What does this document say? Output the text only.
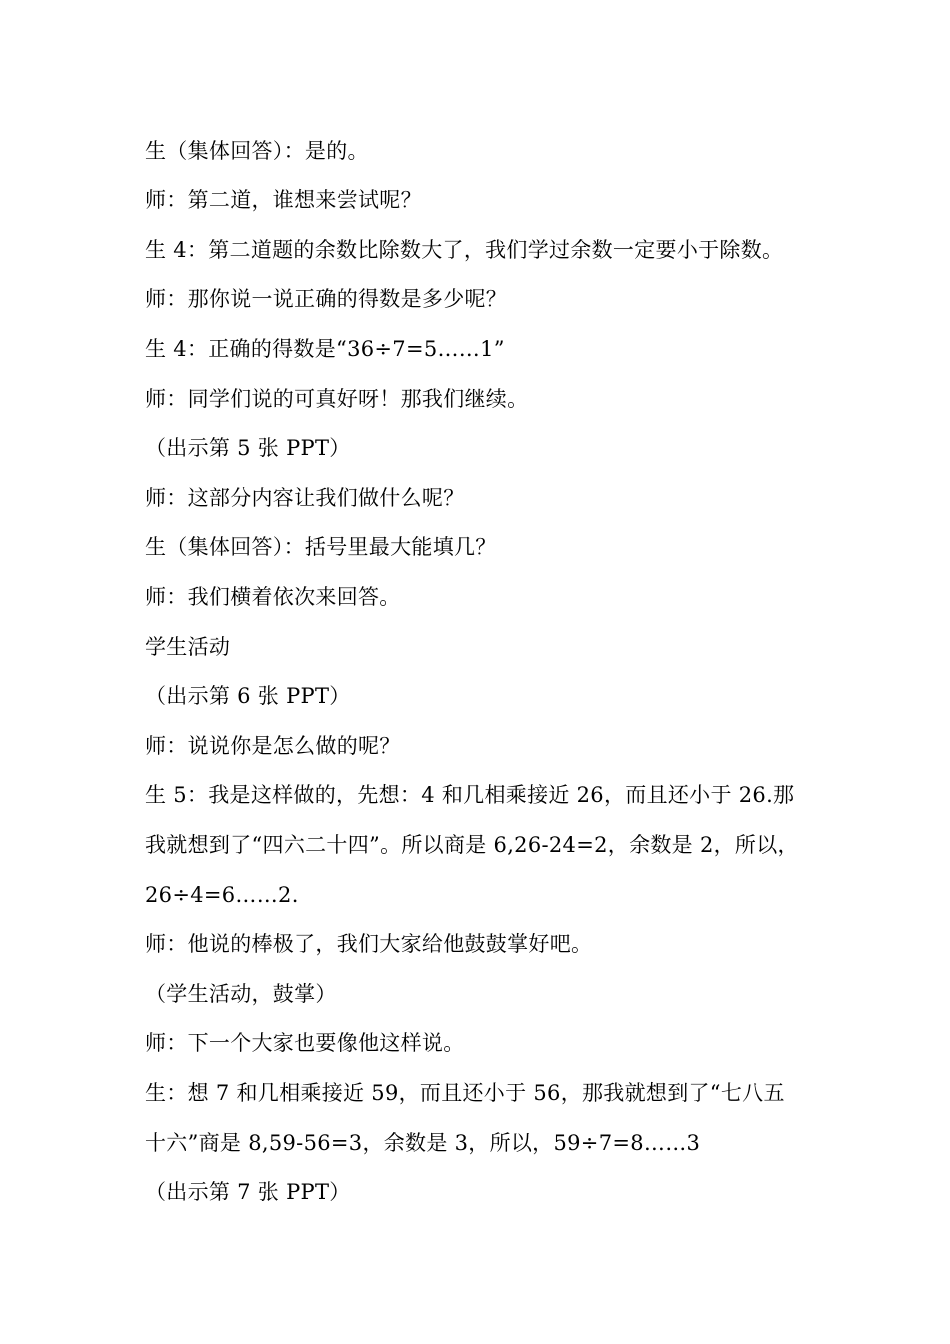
生（集体回答）：是的。
师：第二道，谁想来尝试呢？
生 4：第二道题的余数比除数大了，我们学过余数一定要小于除数。
师：那你说一说正确的得数是多少呢？
生 4：正确的得数是“36÷7=5……1”
师：同学们说的可真好呀！那我们继续。
（出示第 5 张 PPT）
师：这部分内容让我们做什么呢？
生（集体回答）：括号里最大能填几？
师：我们横着依次来回答。
学生活动
（出示第 6 张 PPT）
师：说说你是怎么做的呢？
生 5：我是这样做的，先想：4 和几相乘接近 26，而且还小于 26.那
我就想到了“四六二十四”。所以商是 6,26-24=2，余数是 2，所以，
26÷4=6……2.
师：他说的棒极了，我们大家给他鼓鼓掌好吧。
（学生活动，鼓掌）
师：下一个大家也要像他这样说。
生：想 7 和几相乘接近 59，而且还小于 56，那我就想到了“七八五
十六”商是 8,59-56=3，余数是 3，所以，59÷7=8……3
（出示第 7 张 PPT）
